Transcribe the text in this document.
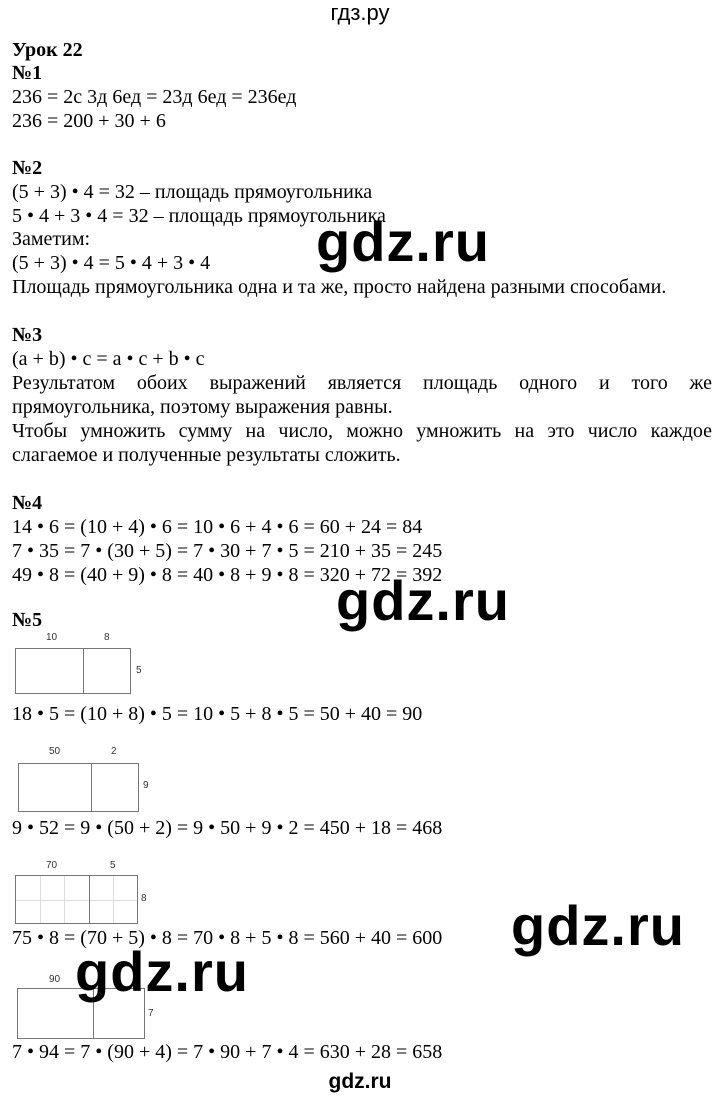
гдз.ру
Урок 22
№1
236 = 2с 3д 6ед = 23д 6ед = 236ед
236 = 200 + 30 + 6
№2
(5 + 3) • 4 = 32 – площадь прямоугольника
5 • 4 + 3 • 4 = 32 – площадь прямоугольника
Заметим:
(5 + 3) • 4 = 5 • 4 + 3 • 4
Площадь прямоугольника одна и та же, просто найдена разными способами.
№3
(a + b) • c = a • c + b • c
Результатом обоих выражений является площадь одного и того же прямоугольника, поэтому выражения равны.
Чтобы умножить сумму на число, можно умножить на это число каждое слагаемое и полученные результаты сложить.
№4
14 • 6 = (10 + 4) • 6 = 10 • 6 + 4 • 6 = 60 + 24 = 84
7 • 35 = 7 • (30 + 5) = 7 • 30 + 7 • 5 = 210 + 35 = 245
49 • 8 = (40 + 9) • 8 = 40 • 8 + 9 • 8 = 320 + 72 = 392
№5
10	8
5
18 • 5 = (10 + 8) • 5 = 10 • 5 + 8 • 5 = 50 + 40 = 90
50	2
9
9 • 52 = 9 • (50 + 2) = 9 • 50 + 9 • 2 = 450 + 18 = 468
70	5
8
75 • 8 = (70 + 5) • 8 = 70 • 8 + 5 • 8 = 560 + 40 = 600
90
7
7 • 94 = 7 • (90 + 4) = 7 • 90 + 7 • 4 = 630 + 28 = 658
gdz.ru
gdz.ru
gdz.ru
gdz.ru
gdz.ru
